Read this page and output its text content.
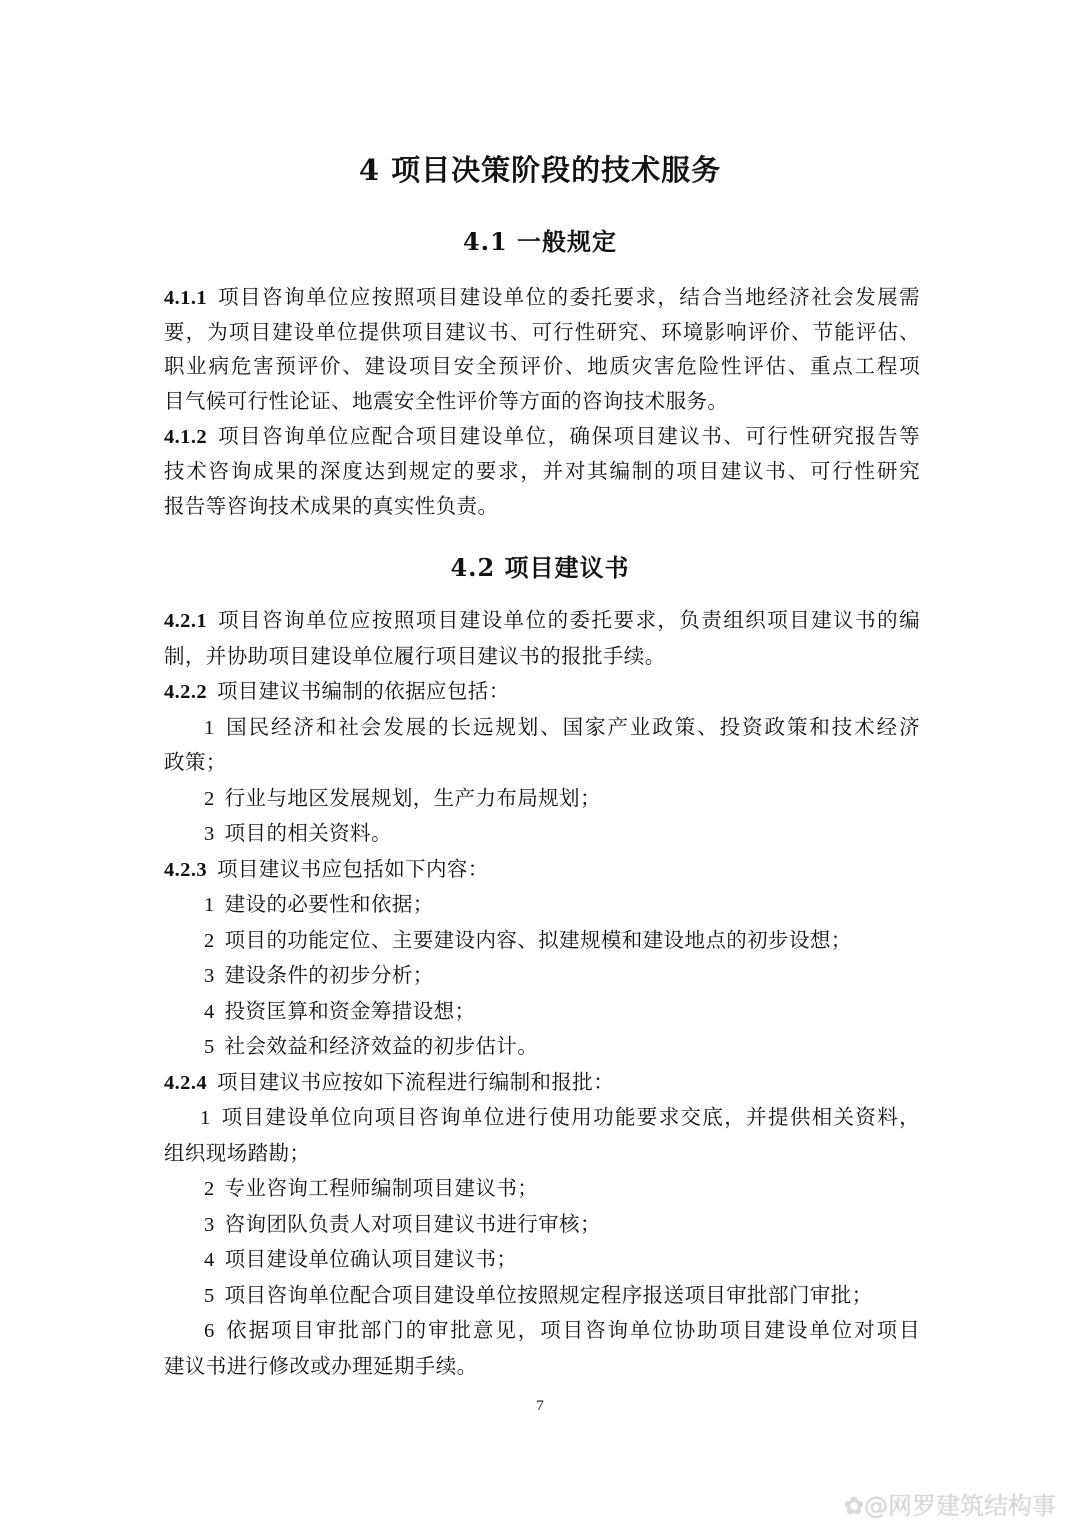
4 项目决策阶段的技术服务
4.1 一般规定
4.1.1 项目咨询单位应按照项目建设单位的委托要求，结合当地经济社会发展需
要，为项目建设单位提供项目建议书、可行性研究、环境影响评价、节能评估、
职业病危害预评价、建设项目安全预评价、地质灾害危险性评估、重点工程项
目气候可行性论证、地震安全性评价等方面的咨询技术服务。
4.1.2 项目咨询单位应配合项目建设单位，确保项目建议书、可行性研究报告等
技术咨询成果的深度达到规定的要求，并对其编制的项目建议书、可行性研究
报告等咨询技术成果的真实性负责。
4.2 项目建议书
4.2.1 项目咨询单位应按照项目建设单位的委托要求，负责组织项目建议书的编
制，并协助项目建设单位履行项目建议书的报批手续。
4.2.2 项目建议书编制的依据应包括：
1 国民经济和社会发展的长远规划、国家产业政策、投资政策和技术经济
政策；
2 行业与地区发展规划，生产力布局规划；
3 项目的相关资料。
4.2.3 项目建议书应包括如下内容：
1 建设的必要性和依据；
2 项目的功能定位、主要建设内容、拟建规模和建设地点的初步设想；
3 建设条件的初步分析；
4 投资匡算和资金筹措设想；
5 社会效益和经济效益的初步估计。
4.2.4 项目建议书应按如下流程进行编制和报批：
1 项目建设单位向项目咨询单位进行使用功能要求交底，并提供相关资料，
组织现场踏勘；
2 专业咨询工程师编制项目建议书；
3 咨询团队负责人对项目建议书进行审核；
4 项目建设单位确认项目建议书；
5 项目咨询单位配合项目建设单位按照规定程序报送项目审批部门审批；
6 依据项目审批部门的审批意见，项目咨询单位协助项目建设单位对项目
建议书进行修改或办理延期手续。
7
✿@网罗建筑结构事
